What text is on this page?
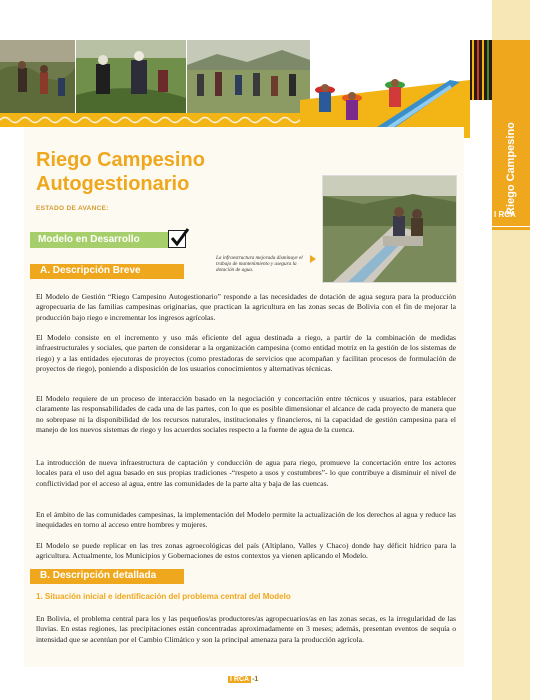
Riego Campesino Autogestionario
I RCA
Riego Campesino Autogestionario
ESTADO DE AVANCE:
Modelo en Desarrollo
La infraestructura mejorada disminuye el trabajo de mantenimiento y asegura la dotación de agua.
A. Descripción Breve

El Modelo de Gestión “Riego Campesino Autogestionario” responde a las necesidades de dotación de agua segura para la producción agropecuaria de las familias campesinas originarias, que practican la agricultura en las zonas secas de Bolivia con el fin de mejorar la producción bajo riego e incrementar los ingresos agrícolas.

El Modelo consiste en el incremento y uso más eficiente del agua destinada a riego, a partir de la combinación de medidas infraestructurales y sociales, que parten de considerar a la organización campesina (como entidad motriz en la gestión de los sistemas de riego) y a las entidades ejecutoras de proyectos (como prestadoras de servicios que acompañan y facilitan procesos de formulación de proyectos de riego), poniendo a disposición de los usuarios conocimientos y alternativas técnicas.

El Modelo requiere de un proceso de interacción basado en la negociación y concertación entre técnicos y usuarios, para establecer claramente las responsabilidades de cada una de las partes, con lo que es posible dimensionar el alcance de cada proyecto de manera que no sobrepase ni la disponibilidad de los recursos naturales, institucionales y financieros, ni la capacidad de gestión campesina para el manejo de los nuevos sistemas de riego y los acuerdos sociales respecto a la fuente de agua de la cuenca.

La introducción de nueva infraestructura de captación y conducción de agua para riego, promueve la concertación entre los actores locales para el uso del agua basado en sus propias tradiciones -“respeto a usos y costumbres”- lo que contribuye a disminuir el nivel de conflictividad por el acceso al agua, entre las comunidades de la parte alta y baja de las cuencas.

En el ámbito de las comunidades campesinas, la implementación del Modelo permite la actualización de los derechos al agua y reduce las inequidades en torno al acceso entre hombres y mujeres.

El Modelo se puede replicar en las tres zonas agroecológicas del país (Altiplano, Valles y Chaco) donde hay déficit hídrico para la agricultura. Actualmente, los Municipios y Gobernaciones de estos contextos ya vienen aplicando el Modelo.

B. Descripción detallada
1. Situación inicial e identificación del problema central del Modelo

En Bolivia, el problema central para los y las pequeños/as productores/as agropecuarios/as en las zonas secas, es la irregularidad de las lluvias. En estas regiones, las precipitaciones están concentradas aproximadamente en 3 meses; además, presentan eventos de sequía o intensidad que se acentúan por el Cambio Climático y son la principal amenaza para la producción agrícola.

I RCA -1
